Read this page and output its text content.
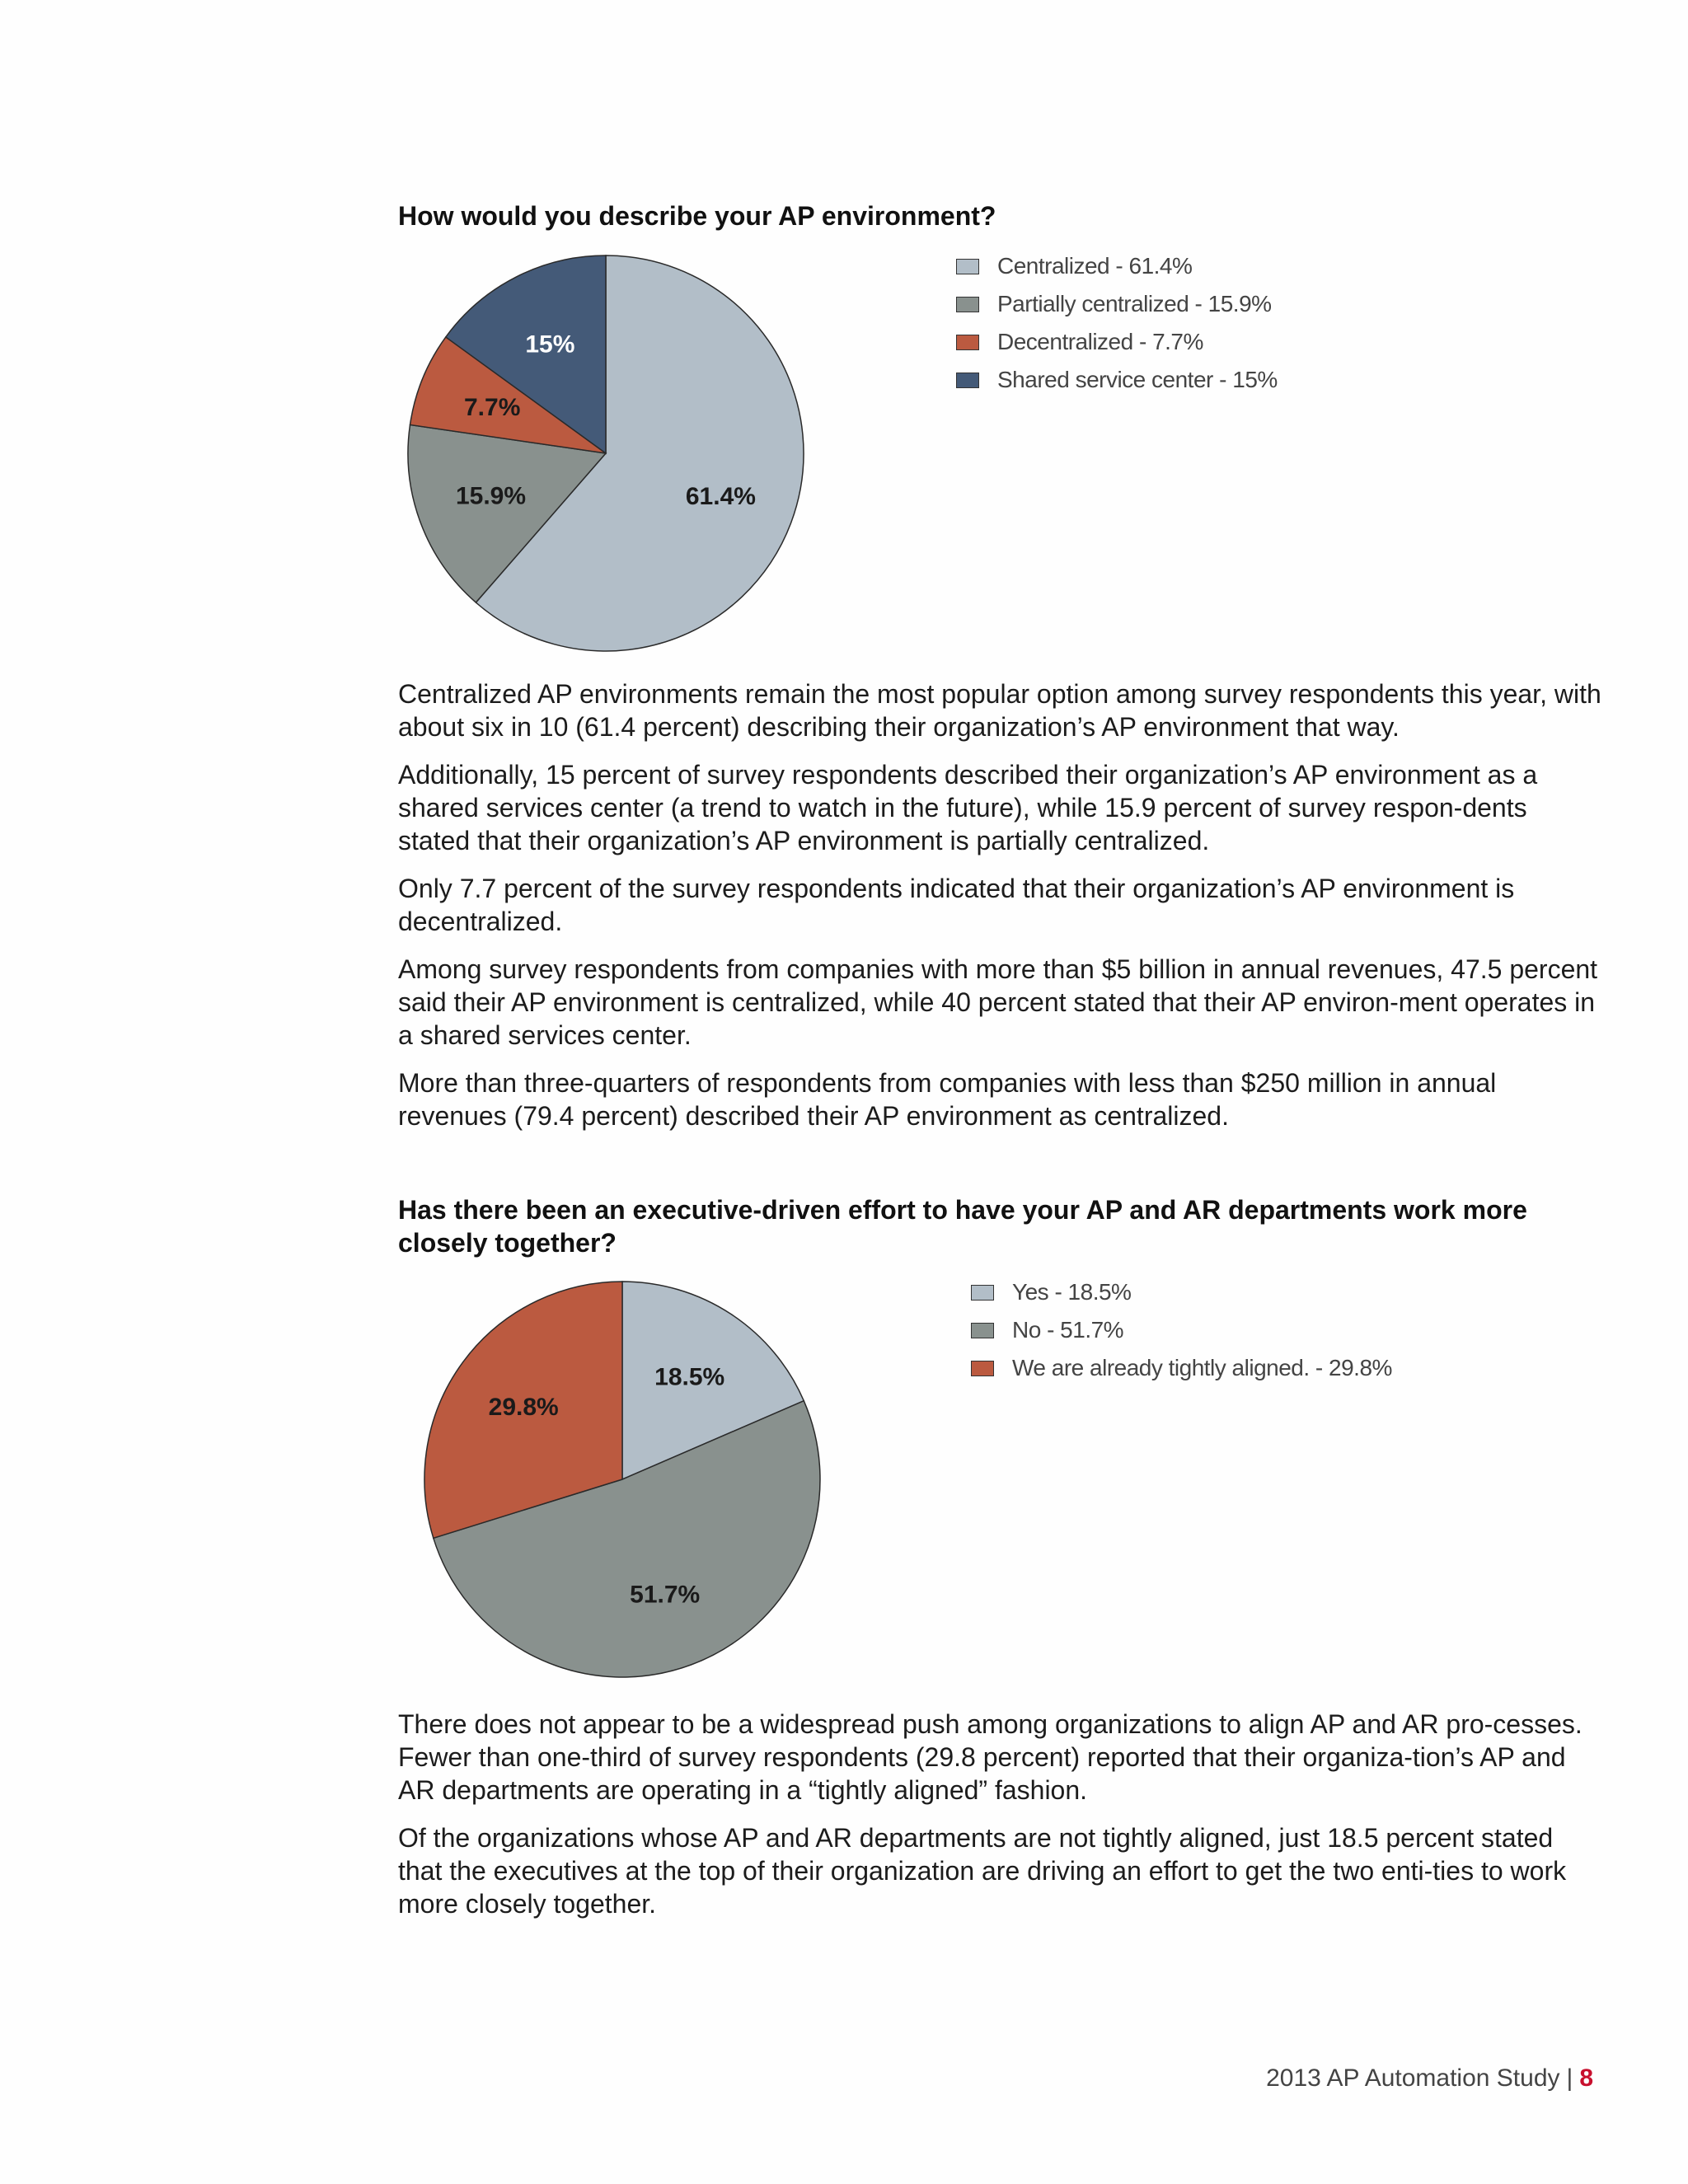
How would you describe your AP environment?
61.4%
15.9%
7.7%
15%
Centralized - 61.4%
Partially centralized - 15.9%
Decentralized - 7.7%
Shared service center - 15%

Centralized AP environments remain the most popular option among survey respondents this year, with about six in 10 (61.4 percent) describing their organization’s AP environment that way.

Additionally, 15 percent of survey respondents described their organization’s AP environment as a shared services center (a trend to watch in the future), while 15.9 percent of survey respon-dents stated that their organization’s AP environment is partially centralized.

Only 7.7 percent of the survey respondents indicated that their organization’s AP environment is decentralized.

Among survey respondents from companies with more than $5 billion in annual revenues, 47.5 percent said their AP environment is centralized, while 40 percent stated that their AP environ-ment operates in a shared services center.

More than three-quarters of respondents from companies with less than $250 million in annual revenues (79.4 percent) described their AP environment as centralized.

Has there been an executive-driven effort to have your AP and AR departments work more closely together?
18.5%
51.7%
29.8%
Yes - 18.5%
No - 51.7%
We are already tightly aligned. - 29.8%

There does not appear to be a widespread push among organizations to align AP and AR pro-cesses. Fewer than one-third of survey respondents (29.8 percent) reported that their organiza-tion’s AP and AR departments are operating in a “tightly aligned” fashion.

Of the organizations whose AP and AR departments are not tightly aligned, just 18.5 percent stated that the executives at the top of their organization are driving an effort to get the two enti-ties to work more closely together.

2013 AP Automation Study | 8
